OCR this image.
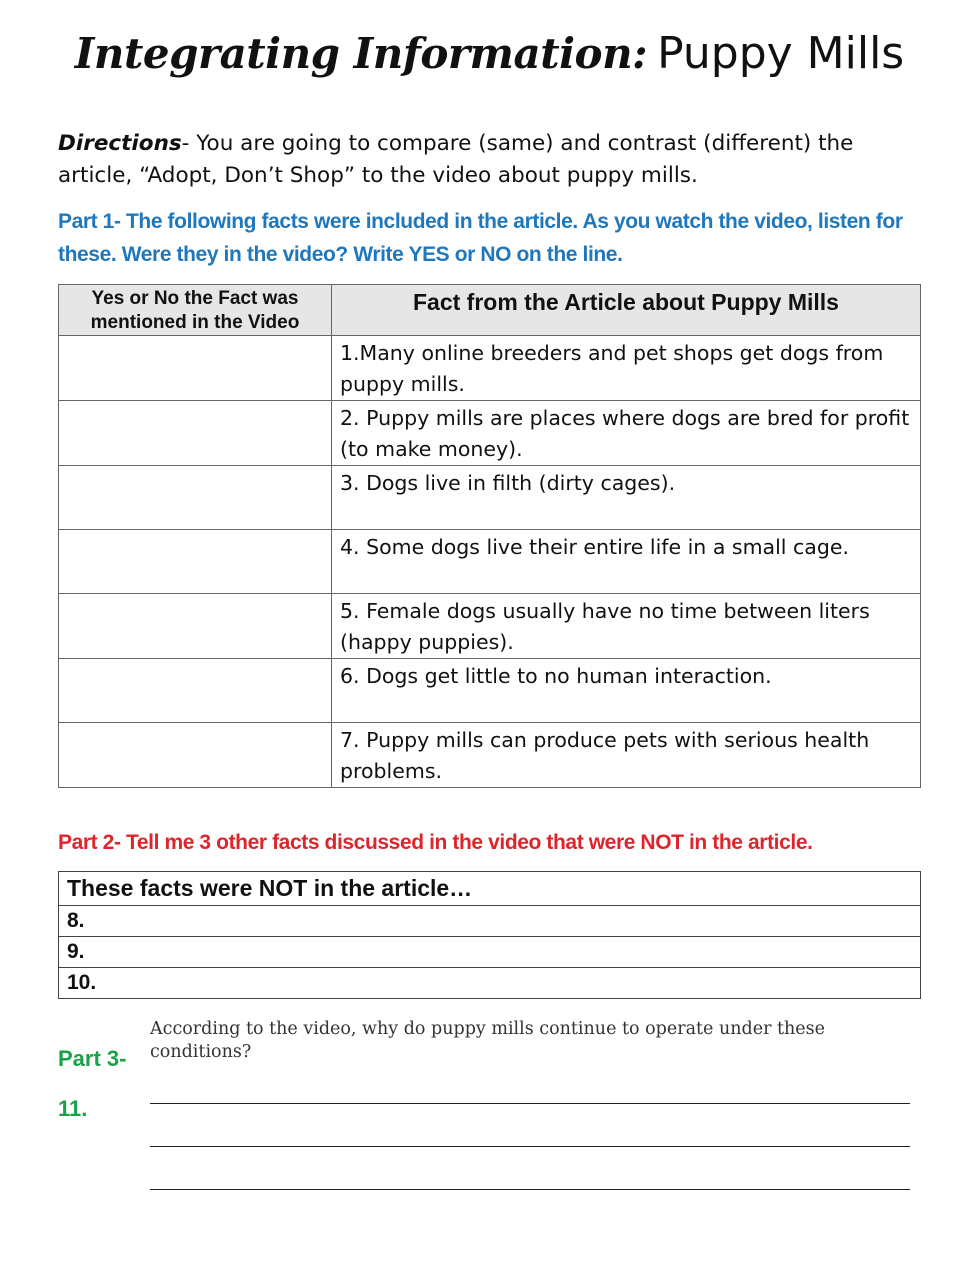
Integrating Information: Puppy Mills
Directions- You are going to compare (same) and contrast (different) the article, “Adopt, Don’t Shop” to the video about puppy mills.
Part 1- The following facts were included in the article. As you watch the video, listen for these. Were they in the video? Write YES or NO on the line.
Yes or No the Fact was mentioned in the Video	Fact from the Article about Puppy Mills
	1.Many online breeders and pet shops get dogs from puppy mills.
	2. Puppy mills are places where dogs are bred for profit (to make money).
	3. Dogs live in filth (dirty cages).
	4. Some dogs live their entire life in a small cage.
	5. Female dogs usually have no time between liters (happy puppies).
	6. Dogs get little to no human interaction.
	7. Puppy mills can produce pets with serious health problems.
Part 2- Tell me 3 other facts discussed in the video that were NOT in the article.
These facts were NOT in the article…
8.
9.
10.
Part 3-
11.
According to the video, why do puppy mills continue to operate under these conditions?
